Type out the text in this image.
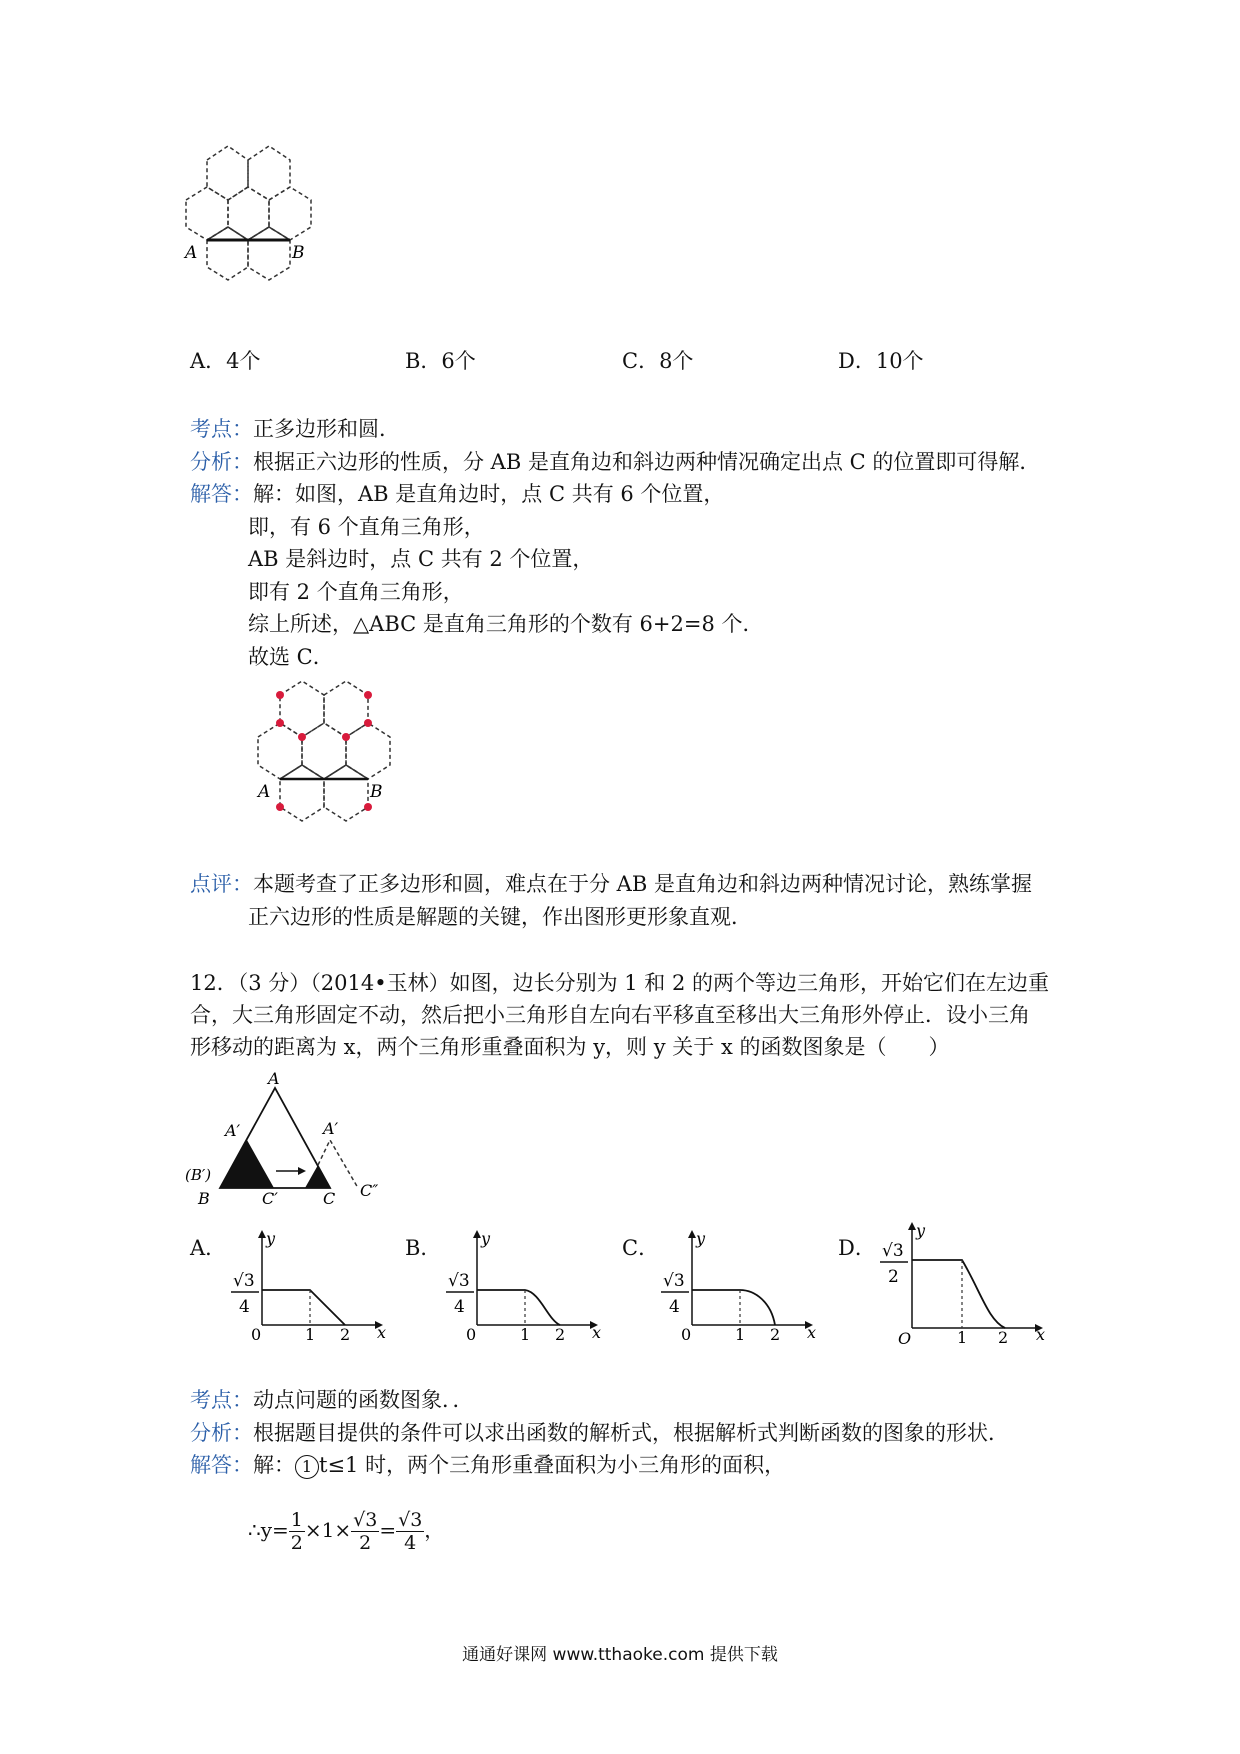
A	B
A．4个	B．6个	C．8个	D．10个
考点：正多边形和圆．
分析：根据正六边形的性质，分 AB 是直角边和斜边两种情况确定出点 C 的位置即可得解．
解答：解：如图，AB 是直角边时，点 C 共有 6 个位置，
即，有 6 个直角三角形，
AB 是斜边时，点 C 共有 2 个位置，
即有 2 个直角三角形，
综上所述，△ABC 是直角三角形的个数有 6+2=8 个．
故选 C．
A	B
点评：本题考查了正多边形和圆，难点在于分 AB 是直角边和斜边两种情况讨论，熟练掌握
正六边形的性质是解题的关键，作出图形更形象直观．
12．（3 分）（2014•玉林）如图，边长分别为 1 和 2 的两个等边三角形，开始它们在左边重
合，大三角形固定不动，然后把小三角形自左向右平移直至移出大三角形外停止．设小三角
形移动的距离为 x，两个三角形重叠面积为 y，则 y 关于 x 的函数图象是（　　）
A
A′	A′
(B′)
B	C′	C C″
A．	B．	C．	D．
y
√3
4
0	1 2 x
y
√3
4
0	1 2 x
y
√3
4
0	1 2 x
y
√3
2
O	1 2 x
考点：动点问题的函数图象．．
分析：根据题目提供的条件可以求出函数的解析式，根据解析式判断函数的图象的形状．
解答：解： 1 t≤1 时，两个三角形重叠面积为小三角形的面积，
∴y= $\frac{1}{2} \times 1\times \frac{√3}{2} = \frac{√3}{4}$ ，
通通好课网 www.tthaoke.com 提供下载
